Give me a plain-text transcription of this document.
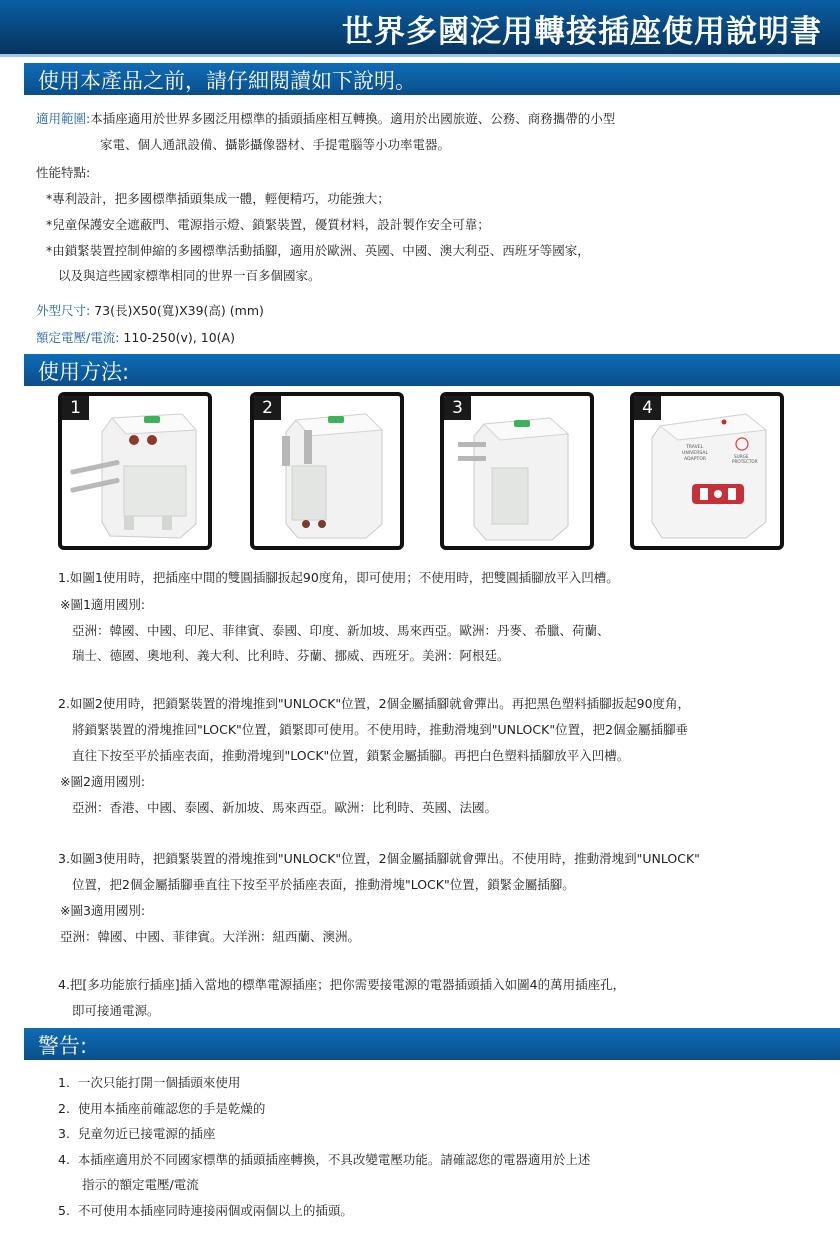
世界多國泛用轉接插座使用說明書
使用本產品之前，請仔細閱讀如下說明。
適用範圍:本插座適用於世界多國泛用標準的插頭插座相互轉換。適用於出國旅遊、公務、商務攜帶的小型
家電、個人通訊設備、攝影攝像器材、手提電腦等小功率電器。
性能特點:
*專利設計，把多國標準插頭集成一體，輕便精巧，功能強大；
*兒童保護安全遮蔽門、電源指示燈、鎖緊裝置，優質材料，設計製作安全可靠；
*由鎖緊裝置控制伸縮的多國標準活動插腳，適用於歐洲、英國、中國、澳大利亞、西班牙等國家，
以及與這些國家標準相同的世界一百多個國家。
外型尺寸: 73(長)X50(寬)X39(高) (mm)
額定電壓/電流: 110-250(v), 10(A)
使用方法:
1	2	3
TRAVEL
UNIVERSAL
ADAPTOR
SURGE
PROTECTOR
4
1.如圖1使用時，把插座中間的雙圓插腳扳起90度角，即可使用；不使用時，把雙圓插腳放平入凹槽。
※圖1適用國別:
亞洲：韓國、中國、印尼、菲律賓、泰國、印度、新加坡、馬來西亞。歐洲：丹麥、希臘、荷蘭、
瑞士、德國、奧地利、義大利、比利時、芬蘭、挪威、西班牙。美洲：阿根廷。
2.如圖2使用時，把鎖緊裝置的滑塊推到"UNLOCK"位置，2個金屬插腳就會彈出。再把黑色塑料插腳扳起90度角，
將鎖緊裝置的滑塊推回"LOCK"位置，鎖緊即可使用。不使用時，推動滑塊到"UNLOCK"位置，把2個金屬插腳垂
直往下按至平於插座表面，推動滑塊到"LOCK"位置，鎖緊金屬插腳。再把白色塑料插腳放平入凹槽。
※圖2適用國別:
亞洲：香港、中國、泰國、新加坡、馬來西亞。歐洲：比利時、英國、法國。
3.如圖3使用時，把鎖緊裝置的滑塊推到"UNLOCK"位置，2個金屬插腳就會彈出。不使用時，推動滑塊到"UNLOCK"
位置，把2個金屬插腳垂直往下按至平於插座表面，推動滑塊"LOCK"位置，鎖緊金屬插腳。
※圖3適用國別:
亞洲：韓國、中國、菲律賓。大洋洲：紐西蘭、澳洲。
4.把[多功能旅行插座]插入當地的標準電源插座；把你需要接電源的電器插頭插入如圖4的萬用插座孔，
即可接通電源。
警告:
1. 一次只能打開一個插頭來使用
2. 使用本插座前確認您的手是乾燥的
3. 兒童勿近已接電源的插座
4. 本插座適用於不同國家標準的插頭插座轉換，不具改變電壓功能。請確認您的電器適用於上述
指示的額定電壓/電流
5. 不可使用本插座同時連接兩個或兩個以上的插頭。
